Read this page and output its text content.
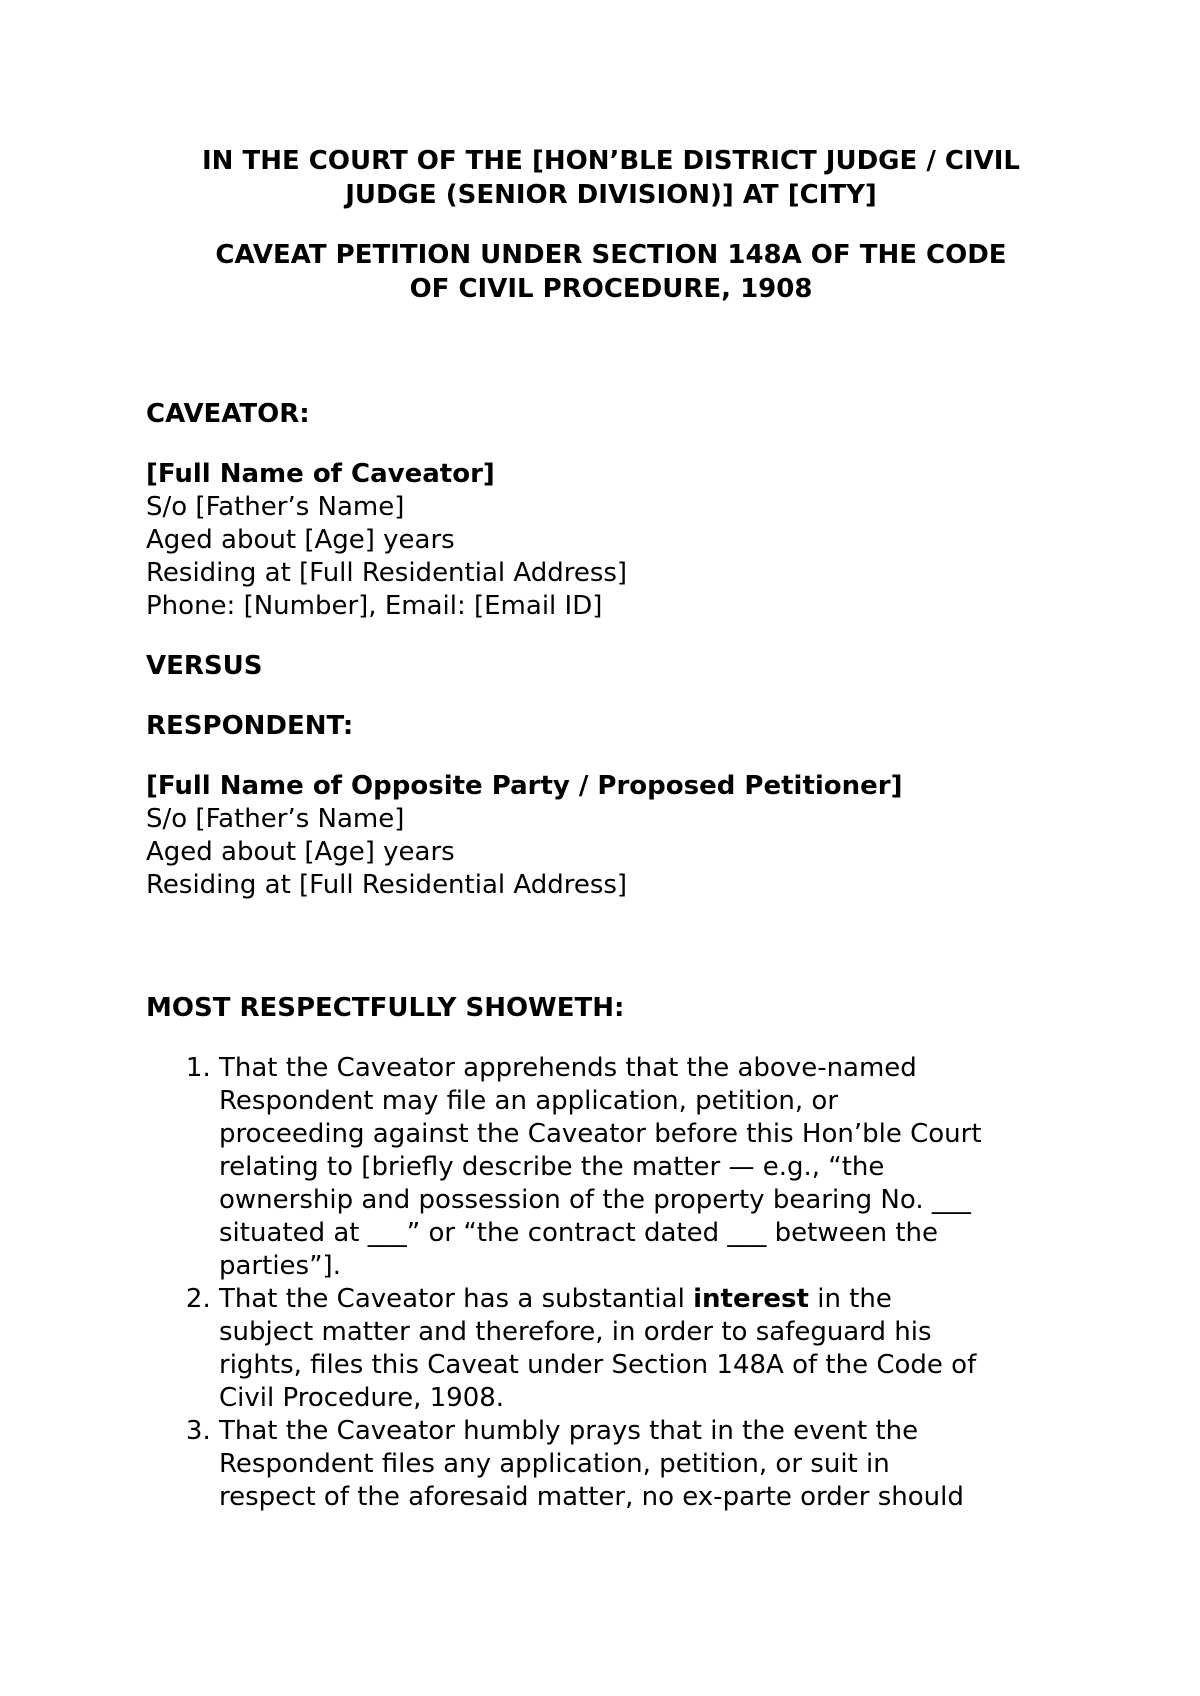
IN THE COURT OF THE [HON’BLE DISTRICT JUDGE / CIVIL
JUDGE (SENIOR DIVISION)] AT [CITY]

CAVEAT PETITION UNDER SECTION 148A OF THE CODE
OF CIVIL PROCEDURE, 1908

CAVEATOR:

[Full Name of Caveator]

S/o [Father’s Name]

Aged about [Age] years

Residing at [Full Residential Address]

Phone: [Number], Email: [Email ID]

VERSUS

RESPONDENT:

[Full Name of Opposite Party / Proposed Petitioner]

S/o [Father’s Name]

Aged about [Age] years

Residing at [Full Residential Address]

MOST RESPECTFULLY SHOWETH:

1. That the Caveator apprehends that the above-named
Respondent may file an application, petition, or
proceeding against the Caveator before this Hon’ble Court
relating to [briefly describe the matter — e.g., “the
ownership and possession of the property bearing No. ___
situated at ___” or “the contract dated ___ between the
parties”].
2. That the Caveator has a substantial interest in the
subject matter and therefore, in order to safeguard his
rights, files this Caveat under Section 148A of the Code of
Civil Procedure, 1908.
3. That the Caveator humbly prays that in the event the
Respondent files any application, petition, or suit in
respect of the aforesaid matter, no ex-parte order should
